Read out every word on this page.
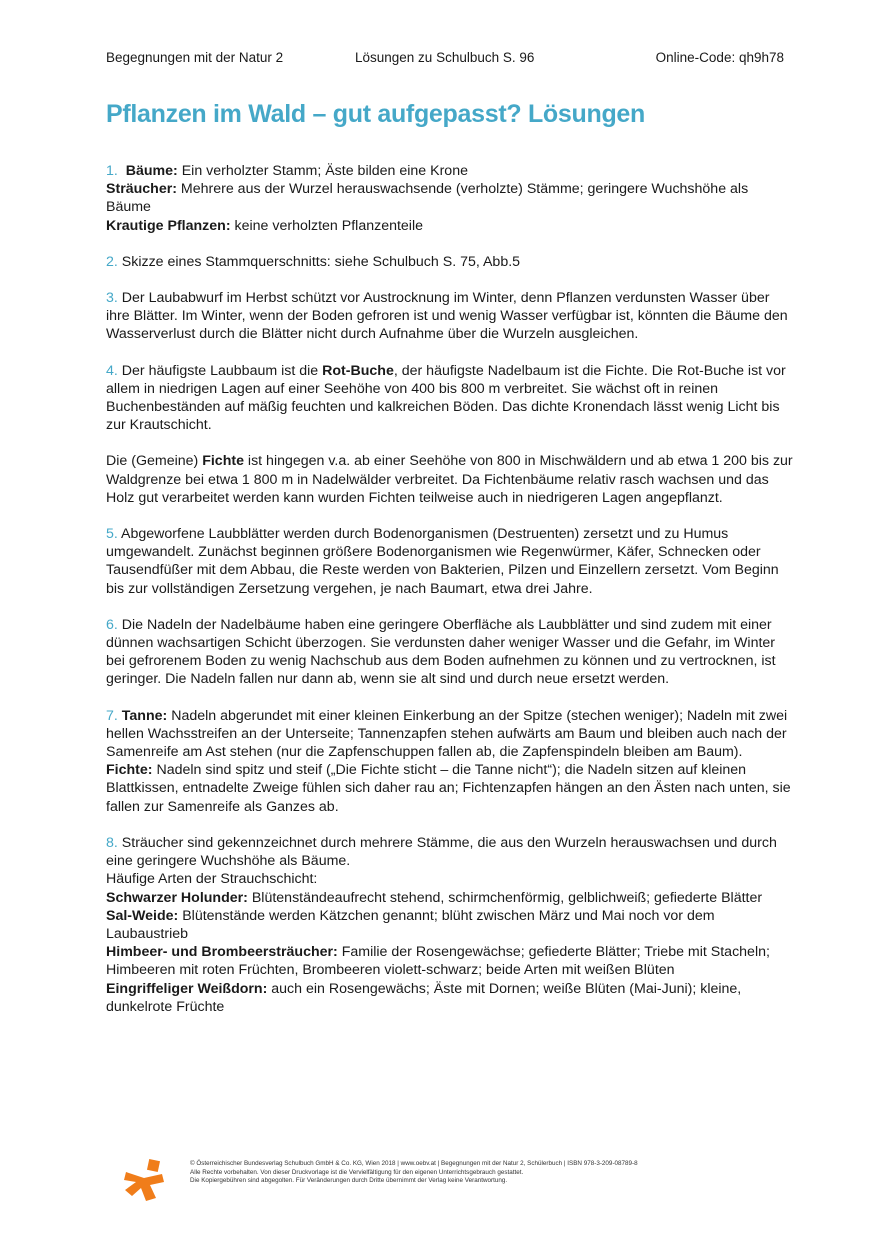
Begegnungen mit der Natur 2	Lösungen zu Schulbuch S. 96	Online-Code: qh9h78
Pflanzen im Wald – gut aufgepasst? Lösungen

1. Bäume: Ein verholzter Stamm; Äste bilden eine Krone
Sträucher: Mehrere aus der Wurzel herauswachsende (verholzte) Stämme; geringere Wuchshöhe als Bäume
Krautige Pflanzen: keine verholzten Pflanzenteile

2. Skizze eines Stammquerschnitts: siehe Schulbuch S. 75, Abb.5

3. Der Laubabwurf im Herbst schützt vor Austrocknung im Winter, denn Pflanzen verdunsten Wasser über ihre Blätter. Im Winter, wenn der Boden gefroren ist und wenig Wasser verfügbar ist, könnten die Bäume den Wasserverlust durch die Blätter nicht durch Aufnahme über die Wurzeln ausgleichen.

4. Der häufigste Laubbaum ist die Rot-Buche, der häufigste Nadelbaum ist die Fichte. Die Rot-Buche ist vor allem in niedrigen Lagen auf einer Seehöhe von 400 bis 800 m verbreitet. Sie wächst oft in reinen Buchenbeständen auf mäßig feuchten und kalkreichen Böden. Das dichte Kronendach lässt wenig Licht bis zur Krautschicht.

Die (Gemeine) Fichte ist hingegen v.a. ab einer Seehöhe von 800 in Mischwäldern und ab etwa 1 200 bis zur Waldgrenze bei etwa 1 800 m in Nadelwälder verbreitet. Da Fichtenbäume relativ rasch wachsen und das Holz gut verarbeitet werden kann wurden Fichten teilweise auch in niedrigeren Lagen angepflanzt.

5. Abgeworfene Laubblätter werden durch Bodenorganismen (Destruenten) zersetzt und zu Humus umgewandelt. Zunächst beginnen größere Bodenorganismen wie Regenwürmer, Käfer, Schnecken oder Tausendfüßer mit dem Abbau, die Reste werden von Bakterien, Pilzen und Einzellern zersetzt. Vom Beginn bis zur vollständigen Zersetzung vergehen, je nach Baumart, etwa drei Jahre.

6. Die Nadeln der Nadelbäume haben eine geringere Oberfläche als Laubblätter und sind zudem mit einer dünnen wachsartigen Schicht überzogen. Sie verdunsten daher weniger Wasser und die Gefahr, im Winter bei gefrorenem Boden zu wenig Nachschub aus dem Boden aufnehmen zu können und zu vertrocknen, ist geringer. Die Nadeln fallen nur dann ab, wenn sie alt sind und durch neue ersetzt werden.

7. Tanne: Nadeln abgerundet mit einer kleinen Einkerbung an der Spitze (stechen weniger); Nadeln mit zwei hellen Wachsstreifen an der Unterseite; Tannenzapfen stehen aufwärts am Baum und bleiben auch nach der Samenreife am Ast stehen (nur die Zapfenschuppen fallen ab, die Zapfenspindeln bleiben am Baum).
Fichte: Nadeln sind spitz und steif („Die Fichte sticht – die Tanne nicht“); die Nadeln sitzen auf kleinen Blattkissen, entnadelte Zweige fühlen sich daher rau an; Fichtenzapfen hängen an den Ästen nach unten, sie fallen zur Samenreife als Ganzes ab.

8. Sträucher sind gekennzeichnet durch mehrere Stämme, die aus den Wurzeln herauswachsen und durch eine geringere Wuchshöhe als Bäume.
Häufige Arten der Strauchschicht:
Schwarzer Holunder: Blütenständeaufrecht stehend, schirmchenförmig, gelblichweiß; gefiederte Blätter
Sal-Weide: Blütenstände werden Kätzchen genannt; blüht zwischen März und Mai noch vor dem Laubaustrieb
Himbeer- und Brombeersträucher: Familie der Rosengewächse; gefiederte Blätter; Triebe mit Stacheln; Himbeeren mit roten Früchten, Brombeeren violett-schwarz; beide Arten mit weißen Blüten
Eingriffeliger Weißdorn: auch ein Rosengewächs; Äste mit Dornen; weiße Blüten (Mai-Juni); kleine, dunkelrote Früchte

© Österreichischer Bundesverlag Schulbuch GmbH & Co. KG, Wien 2018 | www.oebv.at | Begegnungen mit der Natur 2, Schülerbuch | ISBN 978-3-209-08789-8
Alle Rechte vorbehalten. Von dieser Druckvorlage ist die Vervielfältigung für den eigenen Unterrichtsgebrauch gestattet.
Die Kopiergebühren sind abgegolten. Für Veränderungen durch Dritte übernimmt der Verlag keine Verantwortung.
